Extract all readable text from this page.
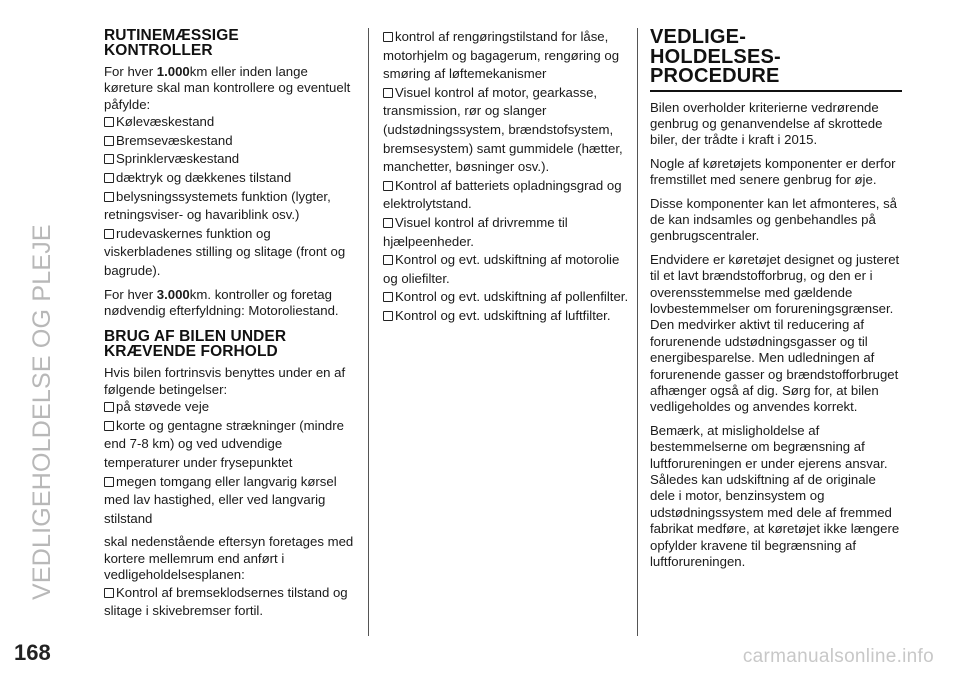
VEDLIGEHOLDELSE OG PLEJE
RUTINEMÆSSIGE
KONTROLLER

For hver 1.000km eller inden lange køreture skal man kontrollere og eventuelt påfylde:

Kølevæskestand

Bremsevæskestand

Sprinklervæskestand

dæktryk og dækkenes tilstand

belysningssystemets funktion (lygter, retningsviser- og havariblink osv.)

rudevaskernes funktion og viskerbladenes stilling og slitage (front og bagrude).

For hver 3.000km. kontroller og foretag nødvendig efterfyldning: Motoroliestand.

BRUG AF BILEN UNDER
KRÆVENDE FORHOLD

Hvis bilen fortrinsvis benyttes under en af følgende betingelser:

på støvede veje

korte og gentagne strækninger (mindre end 7-8 km) og ved udvendige temperaturer under frysepunktet

megen tomgang eller langvarig kørsel med lav hastighed, eller ved langvarig stilstand

skal nedenstående eftersyn foretages med kortere mellemrum end anført i vedligeholdelsesplanen:

Kontrol af bremseklodsernes tilstand og slitage i skivebremser fortil.

kontrol af rengøringstilstand for låse, motorhjelm og bagagerum, rengøring og smøring af løftemekanismer

Visuel kontrol af motor, gearkasse, transmission, rør og slanger (udstødningssystem, brændstofsystem, bremsesystem) samt gummidele (hætter, manchetter, bøsninger osv.).

Kontrol af batteriets opladningsgrad og elektrolytstand.

Visuel kontrol af drivremme til hjælpeenheder.

Kontrol og evt. udskiftning af motorolie og oliefilter.

Kontrol og evt. udskiftning af pollenfilter.

Kontrol og evt. udskiftning af luftfilter.

VEDLIGE-
HOLDELSES-
PROCEDURE

Bilen overholder kriterierne vedrørende genbrug og genanvendelse af skrottede biler, der trådte i kraft i 2015.

Nogle af køretøjets komponenter er derfor fremstillet med senere genbrug for øje.

Disse komponenter kan let afmonteres, så de kan indsamles og genbehandles på genbrugscentraler.

Endvidere er køretøjet designet og justeret til et lavt brændstofforbrug, og den er i overensstemmelse med gældende lovbestemmelser om forureningsgrænser. Den medvirker aktivt til reducering af forurenende udstødningsgasser og til energibesparelse. Men udledningen af forurenende gasser og brændstofforbruget afhænger også af dig. Sørg for, at bilen vedligeholdes og anvendes korrekt.

Bemærk, at misligholdelse af bestemmelserne om begrænsning af luftforureningen er under ejerens ansvar. Således kan udskiftning af de originale dele i motor, benzinsystem og udstødningssystem med dele af fremmed fabrikat medføre, at køretøjet ikke længere opfylder kravene til begrænsning af luftforureningen.

168	carmanualsonline.info
